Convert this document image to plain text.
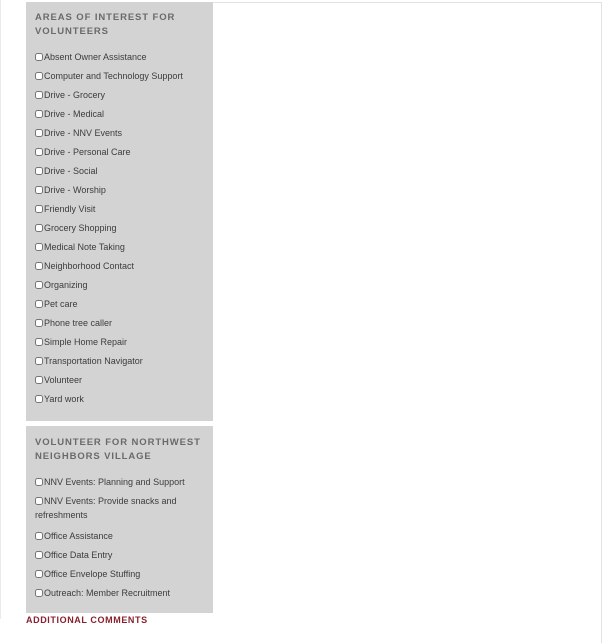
AREAS OF INTEREST FOR VOLUNTEERS
Absent Owner Assistance
Computer and Technology Support
Drive - Grocery
Drive - Medical
Drive - NNV Events
Drive - Personal Care
Drive - Social
Drive - Worship
Friendly Visit
Grocery Shopping
Medical Note Taking
Neighborhood Contact
Organizing
Pet care
Phone tree caller
Simple Home Repair
Transportation Navigator
Volunteer
Yard work
VOLUNTEER FOR NORTHWEST NEIGHBORS VILLAGE
NNV Events: Planning and Support
NNV Events: Provide snacks and refreshments
Office Assistance
Office Data Entry
Office Envelope Stuffing
Outreach: Member Recruitment
ADDITIONAL COMMENTS
